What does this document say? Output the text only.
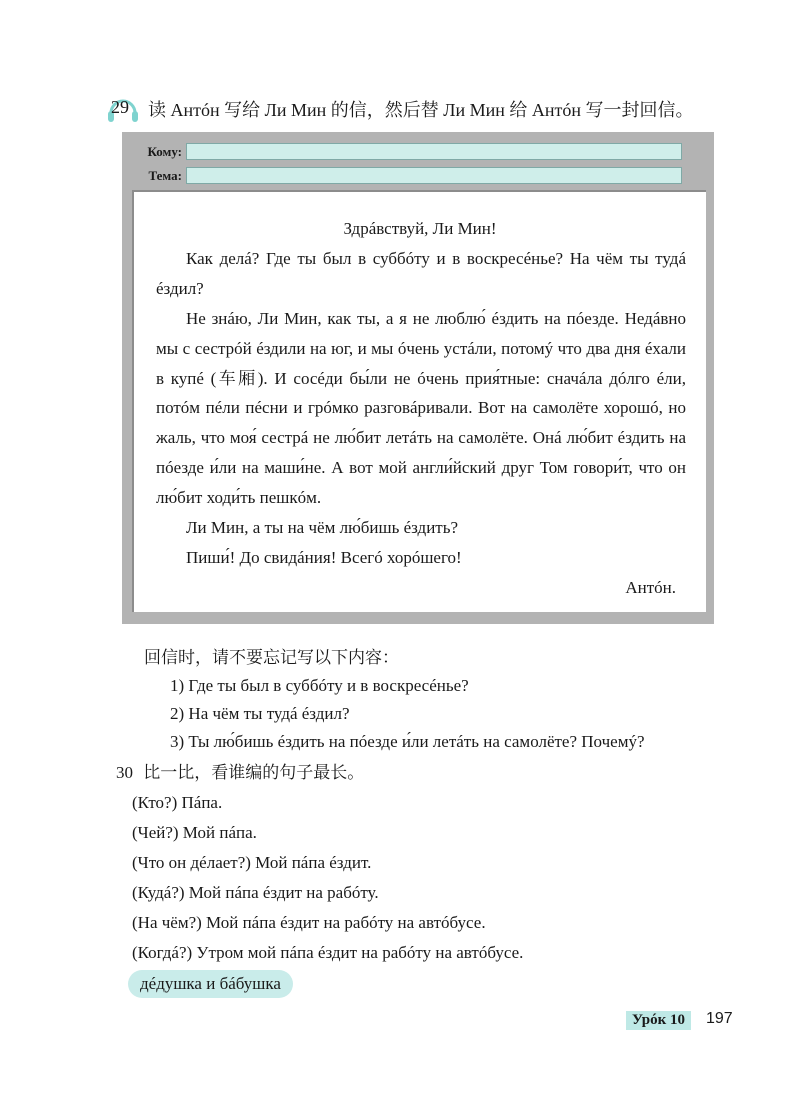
29 读 Антóн 写给 Ли Мин 的信，然后替 Ли Мин 给 Антóн 写一封回信。
Кому:
Тема:
Здрáвствуй, Ли Мин!

Как делá? Где ты был в суббóту и в воскресéнье? На чём ты тудá éздил?

Не знáю, Ли Мин, как ты, а я не люблю́ éздить на пóезде. Недáвно мы с сестрóй éздили на юг, и мы óчень устáли, потомý что два дня éхали в купé (车厢). И сосéди бы́ли не óчень прия́тные: сначáла дóлго éли, потóм пéли пéсни и грóмко разговáривали. Вот на самолёте хорошó, но жаль, что моя́ сестрá не лю́бит летáть на самолёте. Онá лю́бит éздить на пóезде и́ли на маши́не. А вот мой англи́йский друг Том говори́т, что он лю́бит ходи́ть пешкóм.

Ли Мин, а ты на чём лю́бишь éздить?

Пиши́! До свидáния! Всегó хорóшего!

Антóн.
回信时，请不要忘记写以下内容：
1) Где ты был в суббóту и в воскресéнье?
2) На чём ты тудá éздил?
3) Ты лю́бишь éздить на пóезде и́ли летáть на самолёте? Почемý?
30 比一比，看谁编的句子最长。
(Кто?) Пáпа.
(Чей?) Мой пáпа.
(Что он дéлает?) Мой пáпа éздит.
(Кудá?) Мой пáпа éздит на рабóту.
(На чём?) Мой пáпа éздит на рабóту на автóбусе.
(Когдá?) Утром мой пáпа éздит на рабóту на автóбусе.
дéдушка и бáбушка
Урóк 10	197
